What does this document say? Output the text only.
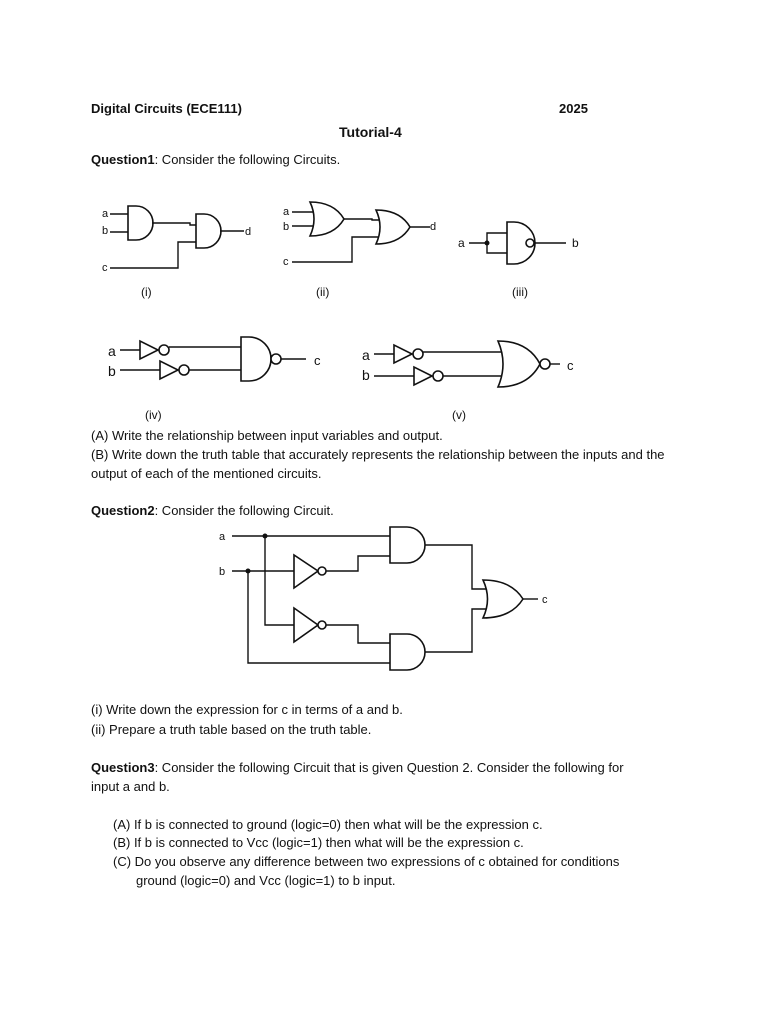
Digital Circuits (ECE111)	2025
Tutorial-4
Question1: Consider the following Circuits.
a
b
c
d
(i)
a
b
c
d
(ii)
a	b
(iii)
a
b
c
(iv)
a
b
c
(v)
a
b
c
(A) Write the relationship between input variables and output.
(B) Write down the truth table that accurately represents the relationship between the inputs and the output of each of the mentioned circuits.
Question2: Consider the following Circuit.
(i) Write down the expression for c in terms of a and b.
(ii) Prepare a truth table based on the truth table.
Question3: Consider the following Circuit that is given Question 2. Consider the following for
input a and b.
(A) If b is connected to ground (logic=0) then what will be the expression c.
(B) If b is connected to Vcc (logic=1) then what will be the expression c.
(C) Do you observe any difference between two expressions of c obtained for conditions
ground (logic=0) and Vcc (logic=1) to b input.
